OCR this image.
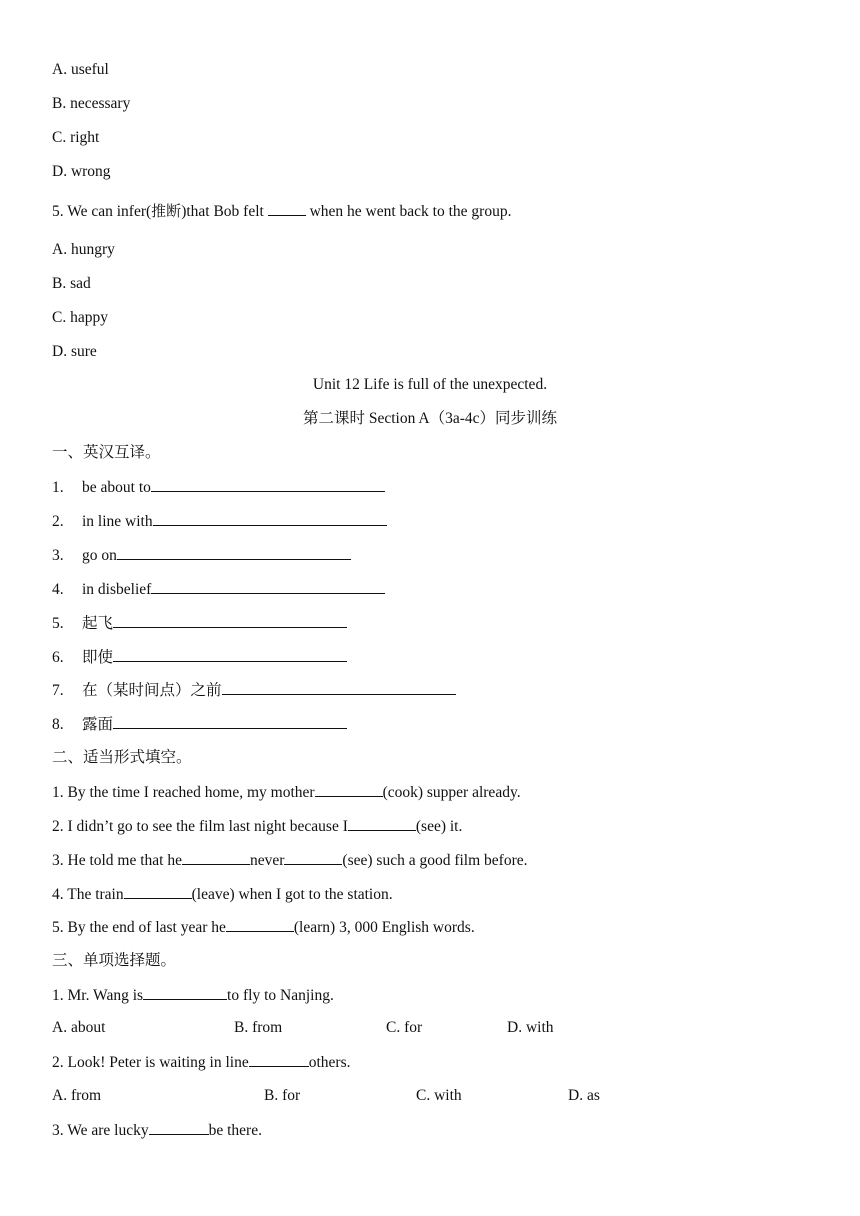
A. useful
B. necessary
C. right
D. wrong
5. We can infer(推断)that Bob felt  when he went back to the group.
A. hungry
B. sad
C. happy
D. sure
Unit 12 Life is full of the unexpected.
第二课时 Section A（3a-4c）同步训练
一、英汉互译。
1. be about to
2. in line with
3. go on
4. in disbelief
5. 起飞
6. 即使
7. 在（某时间点）之前
8. 露面
二、适当形式填空。
1. By the time I reached home, my mother	(cook) supper already.
2. I didn’t go to see the film last night because I	(see) it.
3. He told me that he	never	(see) such a good film before.
4. The train	(leave) when I got to the station.
5. By the end of last year he	(learn) 3, 000 English words.
三、单项选择题。
1. Mr. Wang is	to fly to Nanjing.
A. about	B. from	C. for	D. with
2. Look! Peter is waiting in line	others.
A. from	B. for	C. with	D. as
3. We are lucky	be there.
